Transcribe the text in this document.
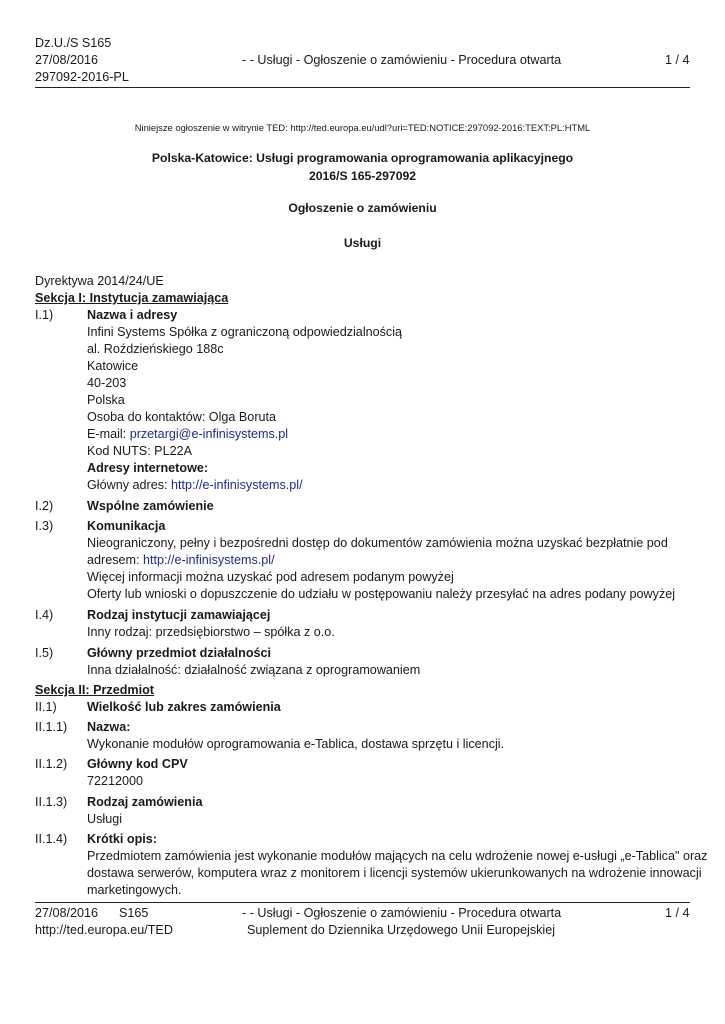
Dz.U./S S165
27/08/2016
297092-2016-PL
- - Usługi - Ogłoszenie o zamówieniu - Procedura otwarta	1 / 4
Niniejsze ogłoszenie w witrynie TED: http://ted.europa.eu/udl?uri=TED:NOTICE:297092-2016:TEXT:PL:HTML
Polska-Katowice: Usługi programowania oprogramowania aplikacyjnego
2016/S 165-297092
Ogłoszenie o zamówieniu
Usługi
Dyrektywa 2014/24/UE
Sekcja I: Instytucja zamawiająca
I.1)	Nazwa i adresy
Infini Systems Spółka z ograniczoną odpowiedzialnością
al. Roździeńskiego 188c
Katowice
40-203
Polska
Osoba do kontaktów: Olga Boruta
E-mail: przetargi@e-infinisystems.pl
Kod NUTS: PL22A
Adresy internetowe:
Główny adres: http://e-infinisystems.pl/
I.2)	Wspólne zamówienie
I.3)	Komunikacja
Nieograniczony, pełny i bezpośredni dostęp do dokumentów zamówienia można uzyskać bezpłatnie pod
adresem: http://e-infinisystems.pl/
Więcej informacji można uzyskać pod adresem podanym powyżej
Oferty lub wnioski o dopuszczenie do udziału w postępowaniu należy przesyłać na adres podany powyżej
I.4)	Rodzaj instytucji zamawiającej
Inny rodzaj: przedsiębiorstwo – spółka z o.o.
I.5)	Główny przedmiot działalności
Inna działalność: działalność związana z oprogramowaniem
Sekcja II: Przedmiot
II.1) Wielkość lub zakres zamówienia
II.1.1) Nazwa:
Wykonanie modułów oprogramowania e-Tablica, dostawa sprzętu i licencji.
II.1.2) Główny kod CPV
72212000
II.1.3) Rodzaj zamówienia
Usługi
II.1.4) Krótki opis:
Przedmiotem zamówienia jest wykonanie modułów mających na celu wdrożenie nowej e-usługi „e-Tablica" oraz
dostawa serwerów, komputera wraz z monitorem i licencji systemów ukierunkowanych na wdrożenie innowacji
marketingowych.
27/08/2016 S165
http://ted.europa.eu/TED
- - Usługi - Ogłoszenie o zamówieniu - Procedura otwarta
Suplement do Dziennika Urzędowego Unii Europejskiej
1 / 4
